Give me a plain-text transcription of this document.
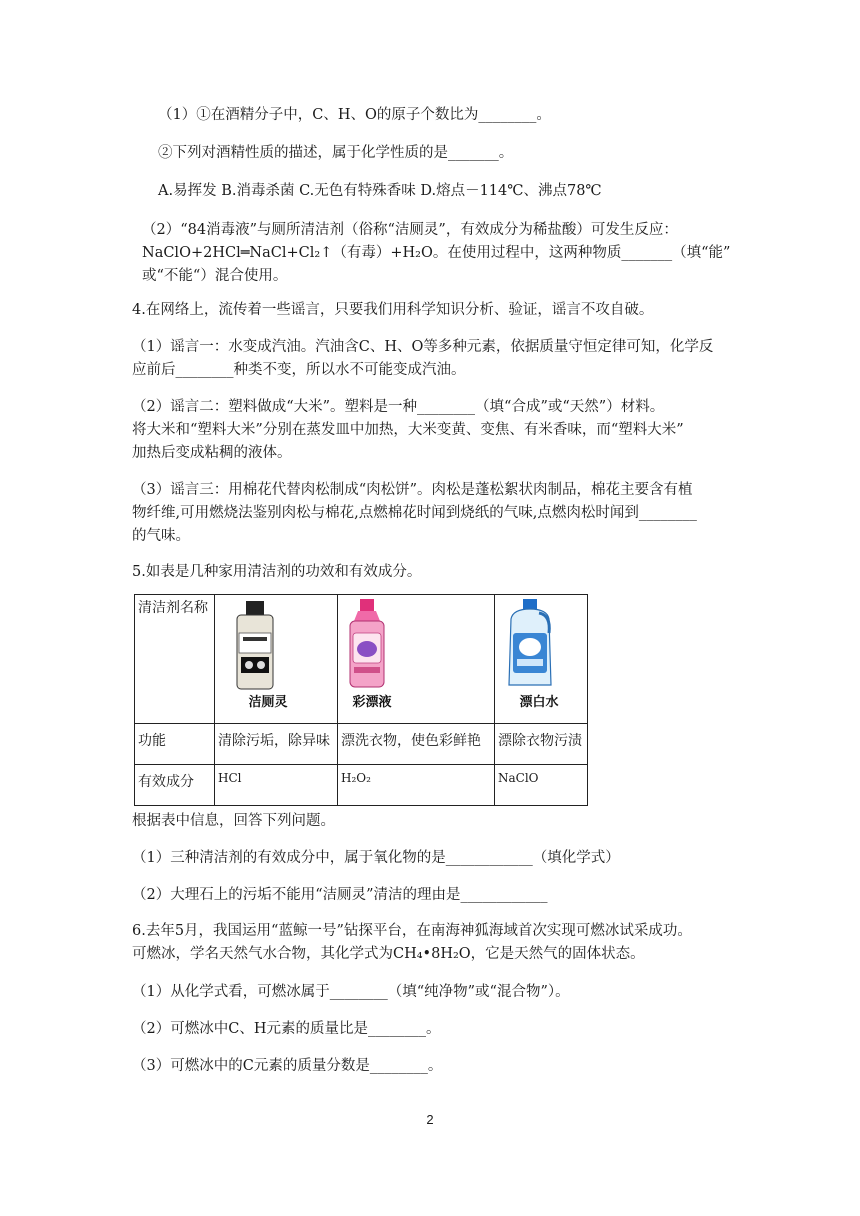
（1）①在酒精分子中，C、H、O的原子个数比为________。
②下列对酒精性质的描述，属于化学性质的是_______。
A.易挥发 B.消毒杀菌 C.无色有特殊香味 D.熔点－114℃、沸点78℃
（2）“84消毒液”与厕所清洁剂（俗称“洁厕灵”，有效成分为稀盐酸）可发生反应：
NaClO+2HCl═NaCl+Cl₂↑（有毒）+H₂O。在使用过程中，这两种物质_______（填“能”
或“不能“）混合使用。
4.在网络上，流传着一些谣言，只要我们用科学知识分析、验证，谣言不攻自破。
（1）谣言一：水变成汽油。汽油含C、H、O等多种元素，依据质量守恒定律可知，化学反
应前后________种类不变，所以水不可能变成汽油。
（2）谣言二：塑料做成“大米”。塑料是一种________（填“合成”或“天然”）材料。
将大米和“塑料大米”分别在蒸发皿中加热，大米变黄、变焦、有米香味，而“塑料大米”
加热后变成粘稠的液体。
（3）谣言三：用棉花代替肉松制成“肉松饼”。肉松是蓬松絮状肉制品，棉花主要含有植
物纤维,可用燃烧法鉴别肉松与棉花,点燃棉花时闻到烧纸的气味,点燃肉松时闻到________
的气味。
5.如表是几种家用清洁剂的功效和有效成分。
清洁剂名称	洁厕灵	彩漂液	漂白水

功能	清除污垢，除异味	漂洗衣物，使色彩鲜艳	漂除衣物污渍
有效成分	HCl	H₂O₂	NaClO
根据表中信息，回答下列问题。
（1）三种清洁剂的有效成分中，属于氧化物的是____________（填化学式）
（2）大理石上的污垢不能用“洁厕灵”清洁的理由是____________
6.去年5月，我国运用“蓝鲸一号”钻探平台，在南海神狐海域首次实现可燃冰试采成功。
可燃冰，学名天然气水合物，其化学式为CH₄•8H₂O，它是天然气的固体状态。
（1）从化学式看，可燃冰属于________（填“纯净物”或“混合物”）。
（2）可燃冰中C、H元素的质量比是________。
（3）可燃冰中的C元素的质量分数是________。
2
